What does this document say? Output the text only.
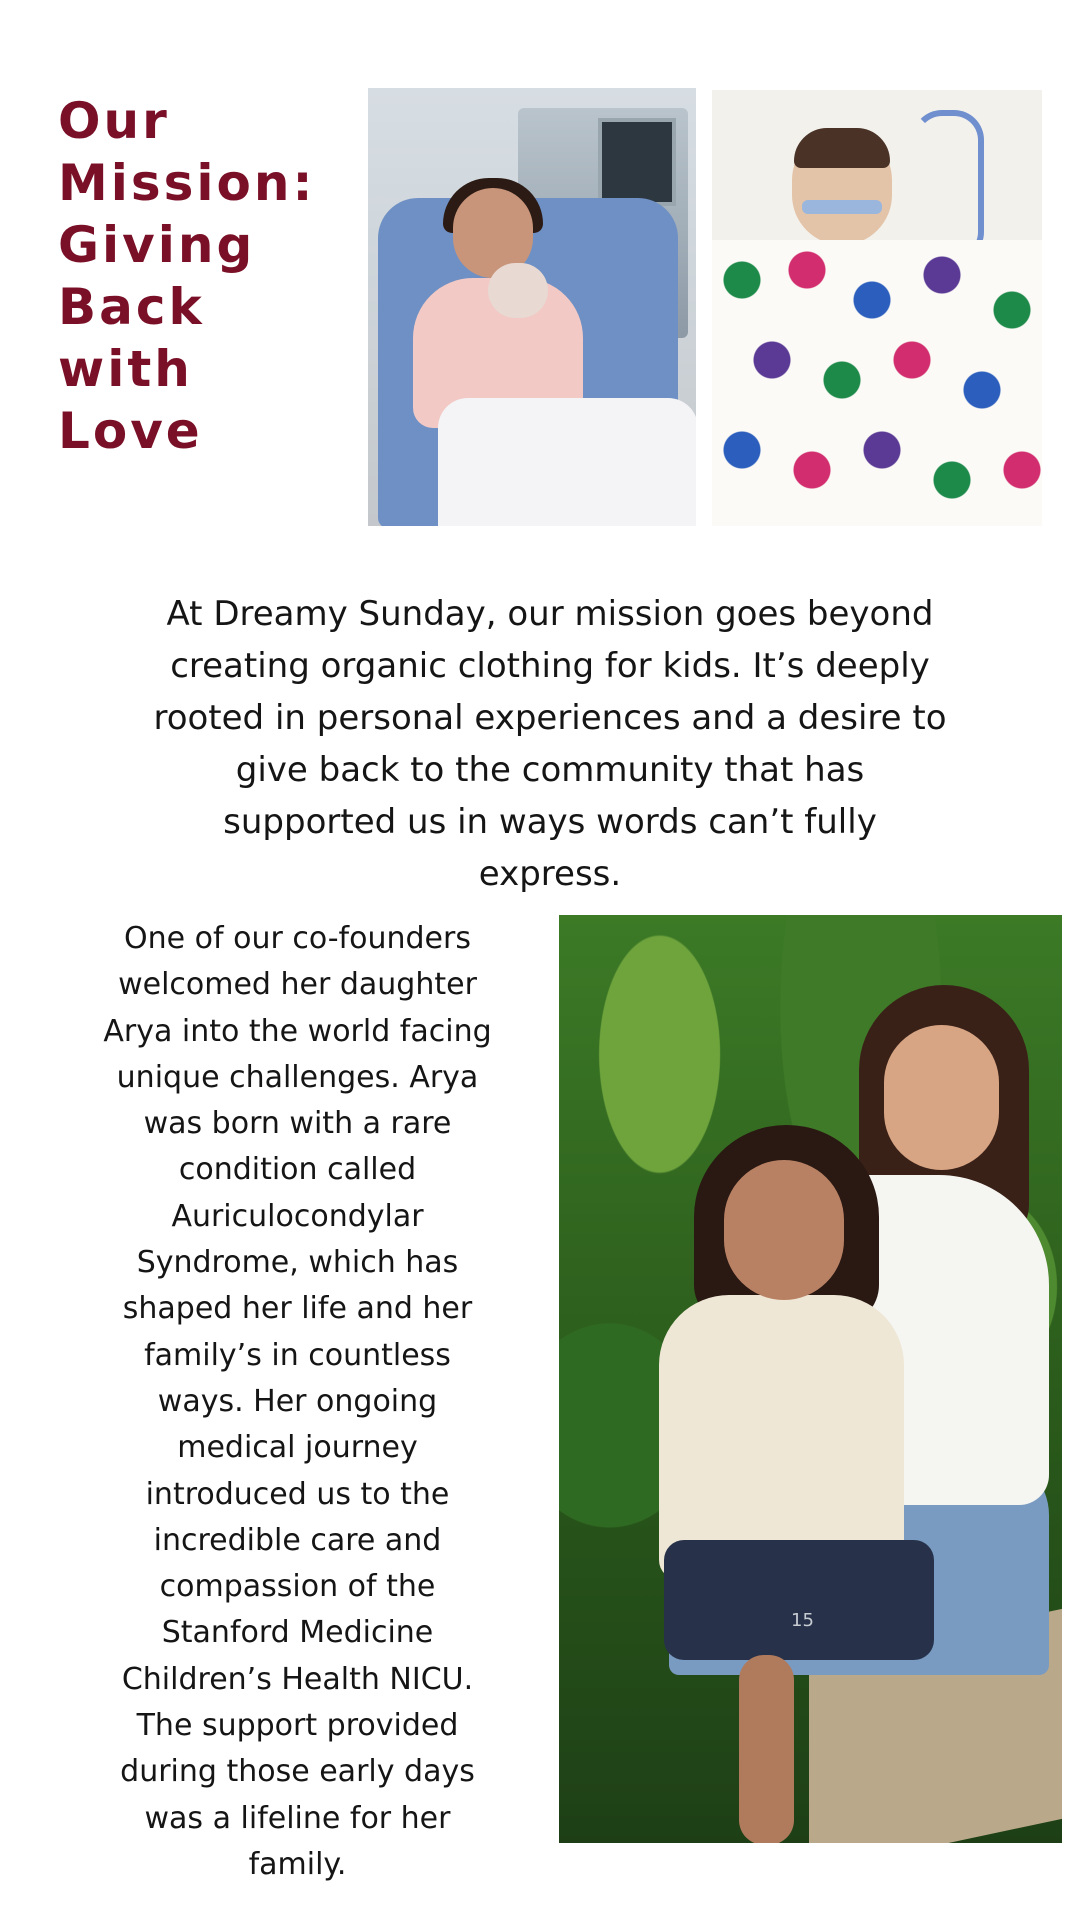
Our
Mission:
Giving
Back with
Love

At Dreamy Sunday, our mission goes beyond creating organic clothing for kids. It’s deeply rooted in personal experiences and a desire to give back to the community that has supported us in ways words can’t fully express.

One of our co-founders welcomed her daughter Arya into the world facing unique challenges. Arya was born with a rare condition called Auriculocondylar Syndrome, which has shaped her life and her family’s in countless ways. Her ongoing medical journey introduced us to the incredible care and compassion of the Stanford Medicine Children’s Health NICU. The support provided during those early days was a lifeline for her family.

15
